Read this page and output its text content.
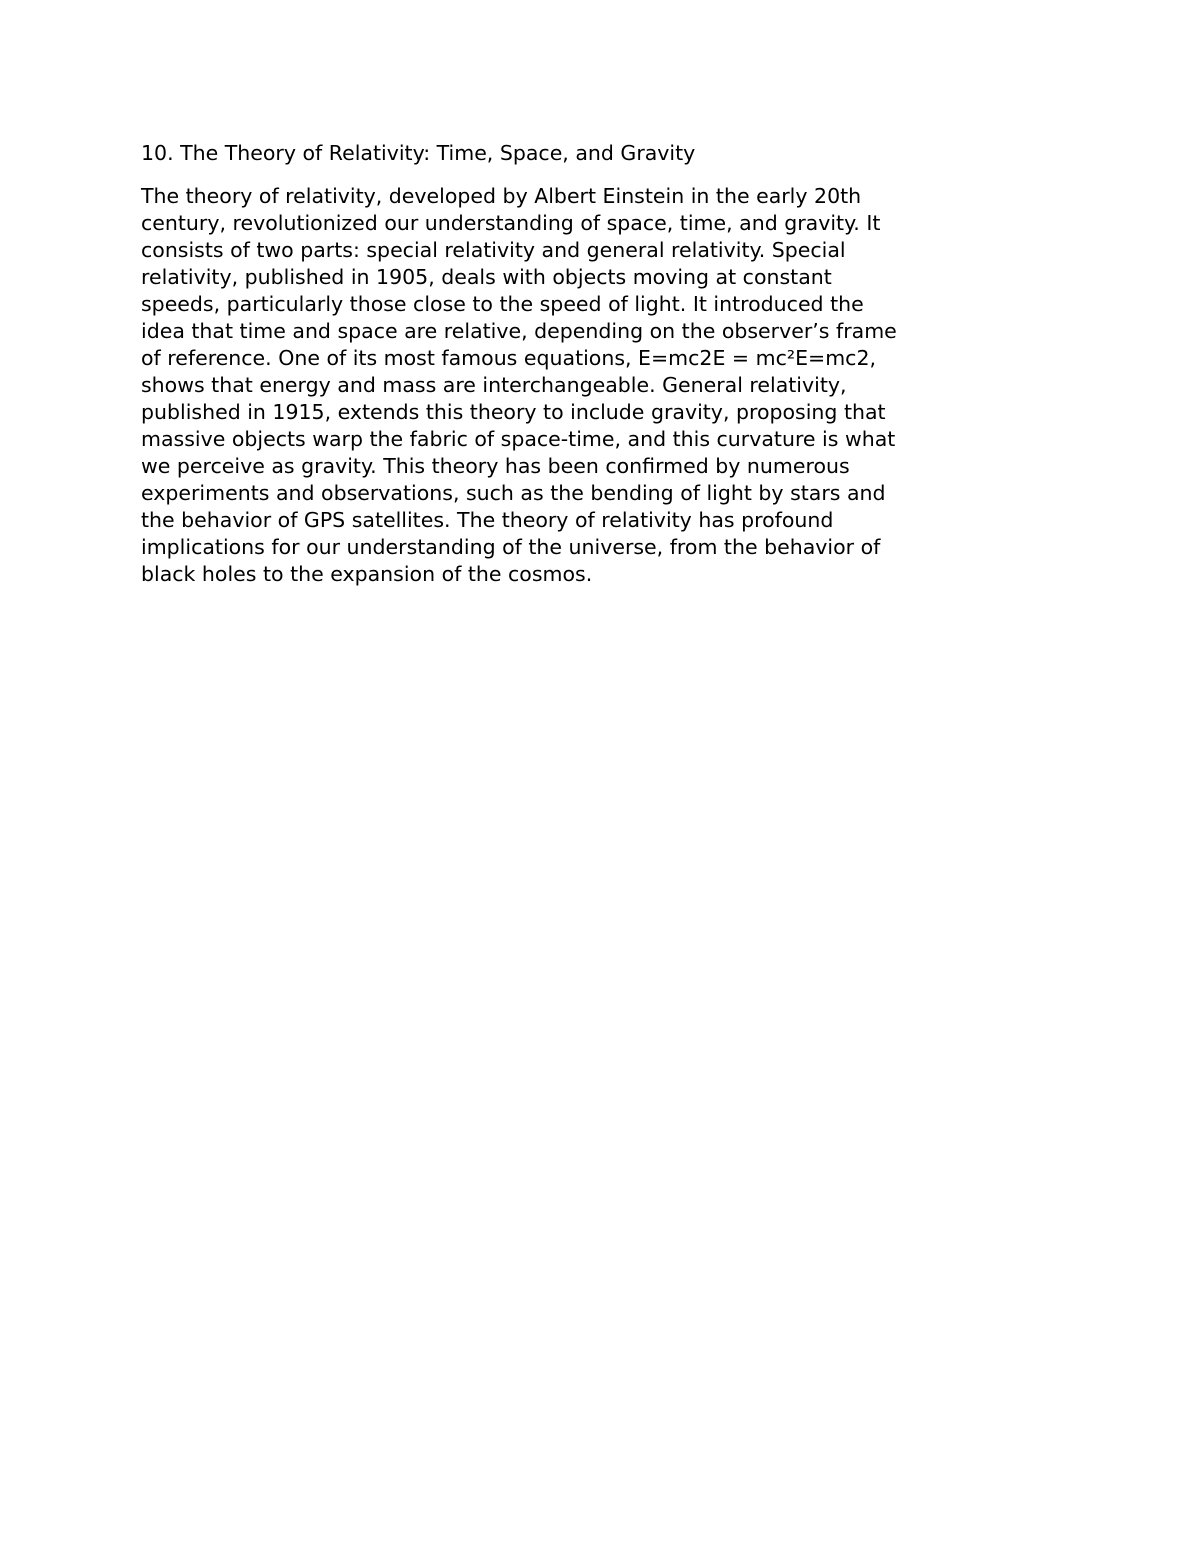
10. The Theory of Relativity: Time, Space, and Gravity

The theory of relativity, developed by Albert Einstein in the early 20th
century, revolutionized our understanding of space, time, and gravity. It
consists of two parts: special relativity and general relativity. Special
relativity, published in 1905, deals with objects moving at constant
speeds, particularly those close to the speed of light. It introduced the
idea that time and space are relative, depending on the observer’s frame
of reference. One of its most famous equations, E=mc2E = mc²E=mc2,
shows that energy and mass are interchangeable. General relativity,
published in 1915, extends this theory to include gravity, proposing that
massive objects warp the fabric of space-time, and this curvature is what
we perceive as gravity. This theory has been confirmed by numerous
experiments and observations, such as the bending of light by stars and
the behavior of GPS satellites. The theory of relativity has profound
implications for our understanding of the universe, from the behavior of
black holes to the expansion of the cosmos.
